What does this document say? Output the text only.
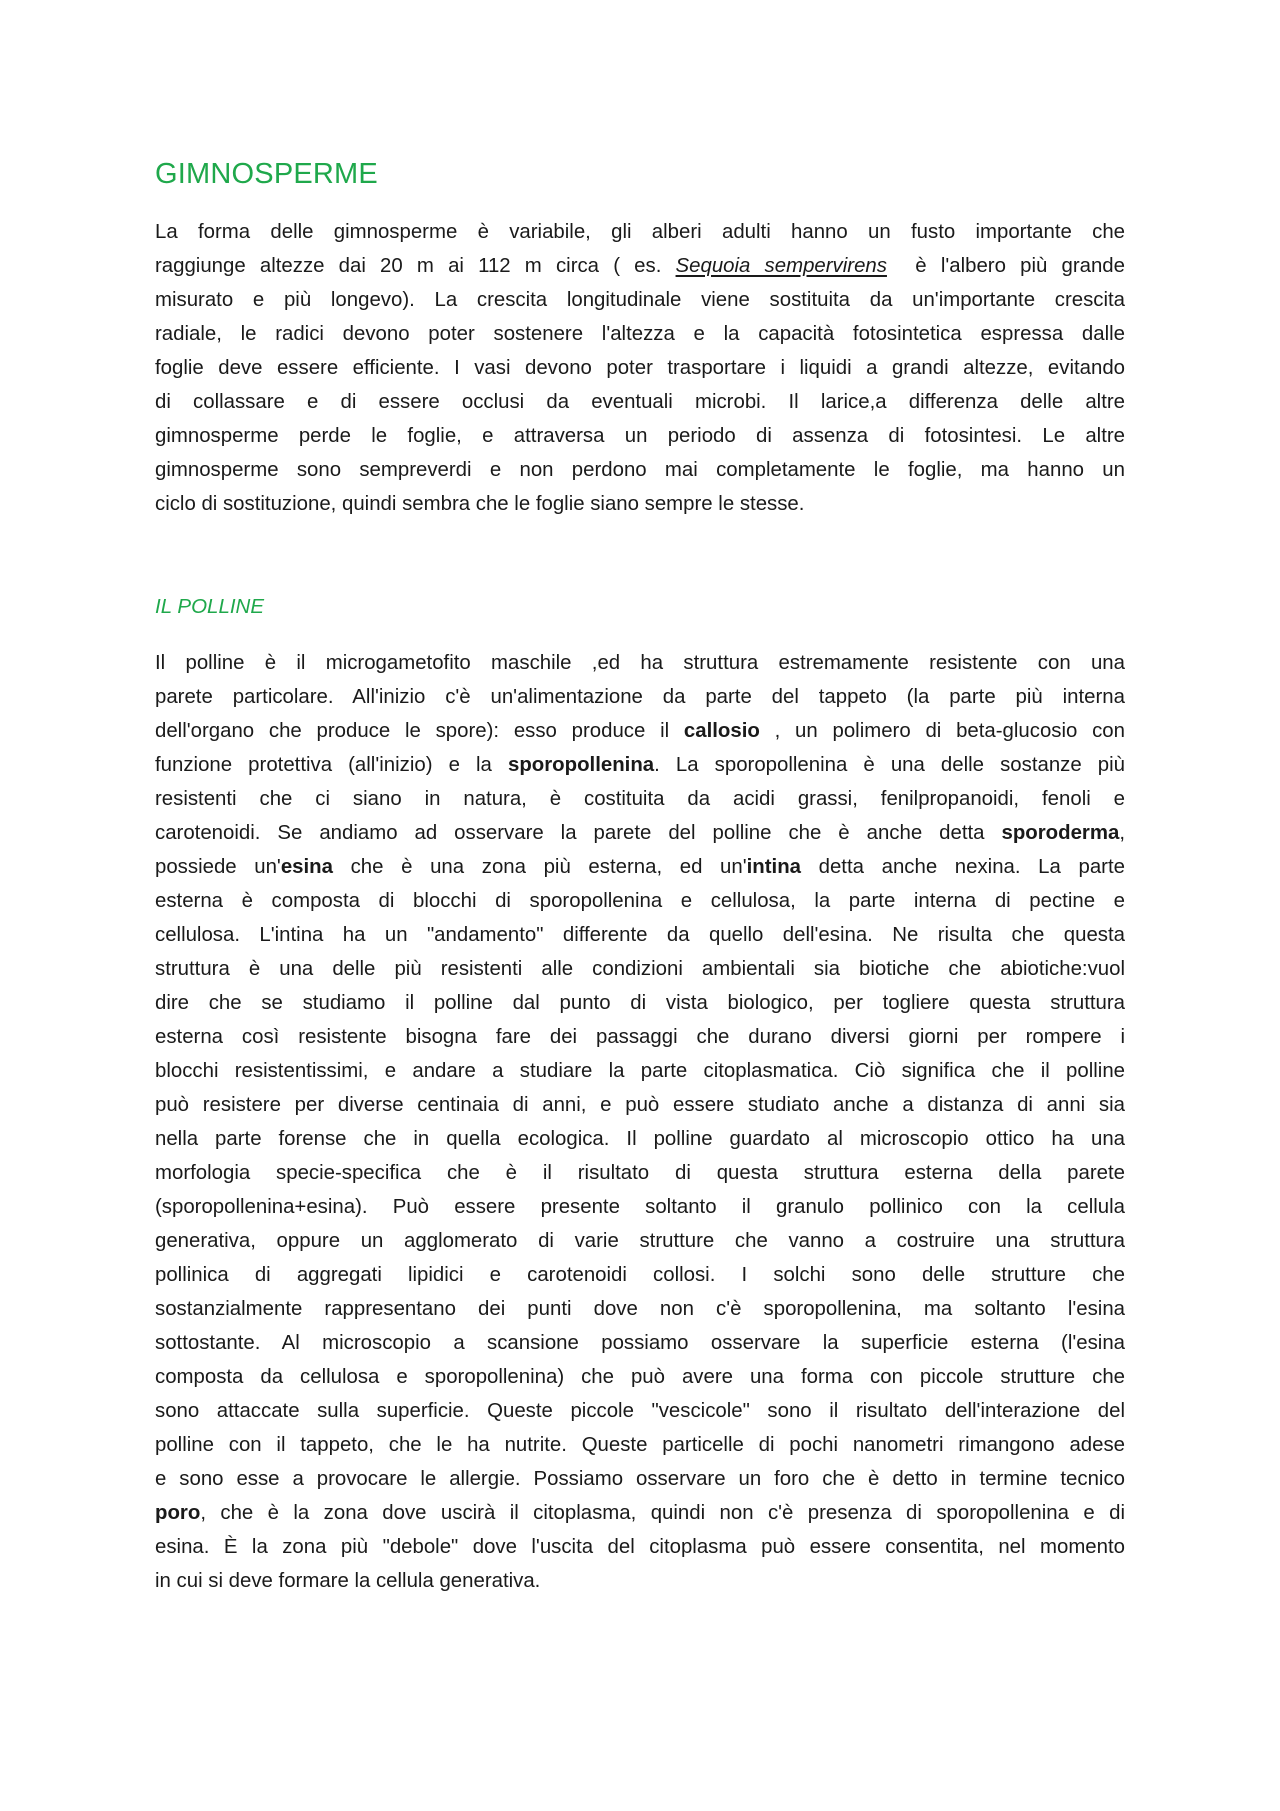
GIMNOSPERME
La forma delle gimnosperme è variabile, gli alberi adulti hanno un fusto importante che
raggiunge altezze dai 20 m ai 112 m circa ( es. Sequoia sempervirens  è l'albero più grande
misurato e più longevo). La crescita longitudinale viene sostituita da un'importante crescita
radiale, le radici devono poter sostenere l'altezza e la capacità fotosintetica espressa dalle
foglie deve essere efficiente. I vasi devono poter trasportare i liquidi a grandi altezze, evitando
di collassare e di essere occlusi da eventuali microbi. Il larice,a differenza delle altre
gimnosperme perde le foglie, e attraversa un periodo di assenza di fotosintesi. Le altre
gimnosperme sono sempreverdi e non perdono mai completamente le foglie, ma hanno un
ciclo di sostituzione, quindi sembra che le foglie siano sempre le stesse.
IL POLLINE
Il polline è il microgametofito maschile ,ed ha struttura estremamente resistente con una
parete particolare. All'inizio c'è un'alimentazione da parte del tappeto (la parte più interna
dell'organo che produce le spore): esso produce il callosio , un polimero di beta-glucosio con
funzione protettiva (all'inizio) e la sporopollenina. La sporopollenina è una delle sostanze più
resistenti che ci siano in natura, è costituita da acidi grassi, fenilpropanoidi, fenoli e
carotenoidi. Se andiamo ad osservare la parete del polline che è anche detta sporoderma,
possiede un'esina che è una zona più esterna, ed un'intina detta anche nexina. La parte
esterna è composta di blocchi di sporopollenina e cellulosa, la parte interna di pectine e
cellulosa. L'intina ha un "andamento" differente da quello dell'esina. Ne risulta che questa
struttura è una delle più resistenti alle condizioni ambientali sia biotiche che abiotiche:vuol
dire che se studiamo il polline dal punto di vista biologico, per togliere questa struttura
esterna così resistente bisogna fare dei passaggi che durano diversi giorni per rompere i
blocchi resistentissimi, e andare a studiare la parte citoplasmatica. Ciò significa che il polline
può resistere per diverse centinaia di anni, e può essere studiato anche a distanza di anni sia
nella parte forense che in quella ecologica. Il polline guardato al microscopio ottico ha una
morfologia specie-specifica che è il risultato di questa struttura esterna della parete
(sporopollenina+esina). Può essere presente soltanto il granulo pollinico con la cellula
generativa, oppure un agglomerato di varie strutture che vanno a costruire una struttura
pollinica di aggregati lipidici e carotenoidi collosi. I solchi sono delle strutture che
sostanzialmente rappresentano dei punti dove non c'è sporopollenina, ma soltanto l'esina
sottostante. Al microscopio a scansione possiamo osservare la superficie esterna (l'esina
composta da cellulosa e sporopollenina) che può avere una forma con piccole strutture che
sono attaccate sulla superficie. Queste piccole "vescicole" sono il risultato dell'interazione del
polline con il tappeto, che le ha nutrite. Queste particelle di pochi nanometri rimangono adese
e sono esse a provocare le allergie. Possiamo osservare un foro che è detto in termine tecnico
poro, che è la zona dove uscirà il citoplasma, quindi non c'è presenza di sporopollenina e di
esina. È la zona più "debole" dove l'uscita del citoplasma può essere consentita, nel momento
in cui si deve formare la cellula generativa.
